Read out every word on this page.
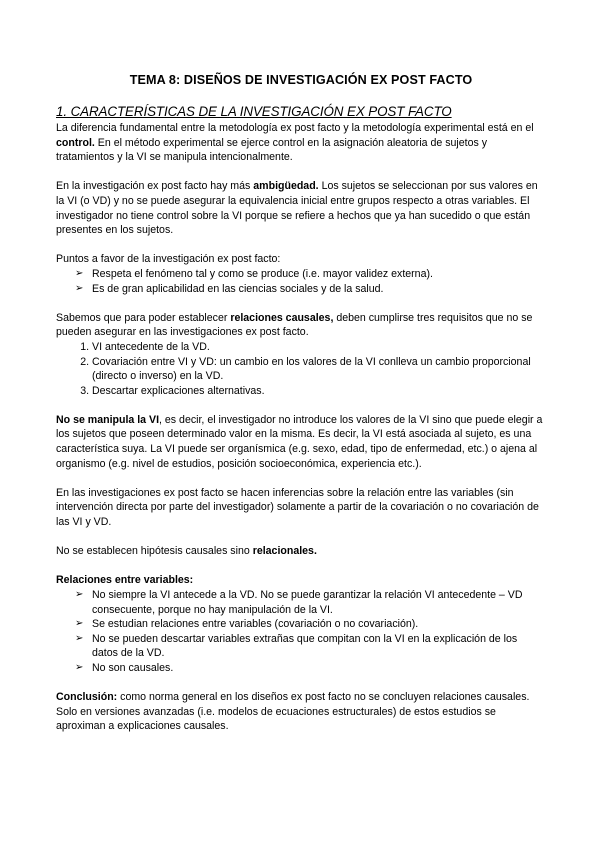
TEMA 8: DISEÑOS DE INVESTIGACIÓN EX POST FACTO
1. CARACTERÍSTICAS DE LA INVESTIGACIÓN EX POST FACTO

La diferencia fundamental entre la metodología ex post facto y la metodología experimental está en el control. En el método experimental se ejerce control en la asignación aleatoria de sujetos y tratamientos y la VI se manipula intencionalmente.

En la investigación ex post facto hay más ambigüedad. Los sujetos se seleccionan por sus valores en la VI (o VD) y no se puede asegurar la equivalencia inicial entre grupos respecto a otras variables. El investigador no tiene control sobre la VI porque se refiere a hechos que ya han sucedido o que están presentes en los sujetos.

Puntos a favor de la investigación ex post facto:

➢ Respeta el fenómeno tal y como se produce (i.e. mayor validez externa).
➢ Es de gran aplicabilidad en las ciencias sociales y de la salud.

Sabemos que para poder establecer relaciones causales, deben cumplirse tres requisitos que no se pueden asegurar en las investigaciones ex post facto.

1. VI antecedente de la VD.
2. Covariación entre VI y VD: un cambio en los valores de la VI conlleva un cambio proporcional (directo o inverso) en la VD.
3. Descartar explicaciones alternativas.

No se manipula la VI, es decir, el investigador no introduce los valores de la VI sino que puede elegir a los sujetos que poseen determinado valor en la misma. Es decir, la VI está asociada al sujeto, es una característica suya. La VI puede ser organísmica (e.g. sexo, edad, tipo de enfermedad, etc.) o ajena al organismo (e.g. nivel de estudios, posición socioeconómica, experiencia etc.).

En las investigaciones ex post facto se hacen inferencias sobre la relación entre las variables (sin intervención directa por parte del investigador) solamente a partir de la covariación o no covariación de las VI y VD.

No se establecen hipótesis causales sino relacionales.

Relaciones entre variables:

➢ No siempre la VI antecede a la VD. No se puede garantizar la relación VI antecedente – VD consecuente, porque no hay manipulación de la VI.
➢ Se estudian relaciones entre variables (covariación o no covariación).
➢ No se pueden descartar variables extrañas que compitan con la VI en la explicación de los datos de la VD.
➢ No son causales.

Conclusión: como norma general en los diseños ex post facto no se concluyen relaciones causales. Solo en versiones avanzadas (i.e. modelos de ecuaciones estructurales) de estos estudios se aproximan a explicaciones causales.
